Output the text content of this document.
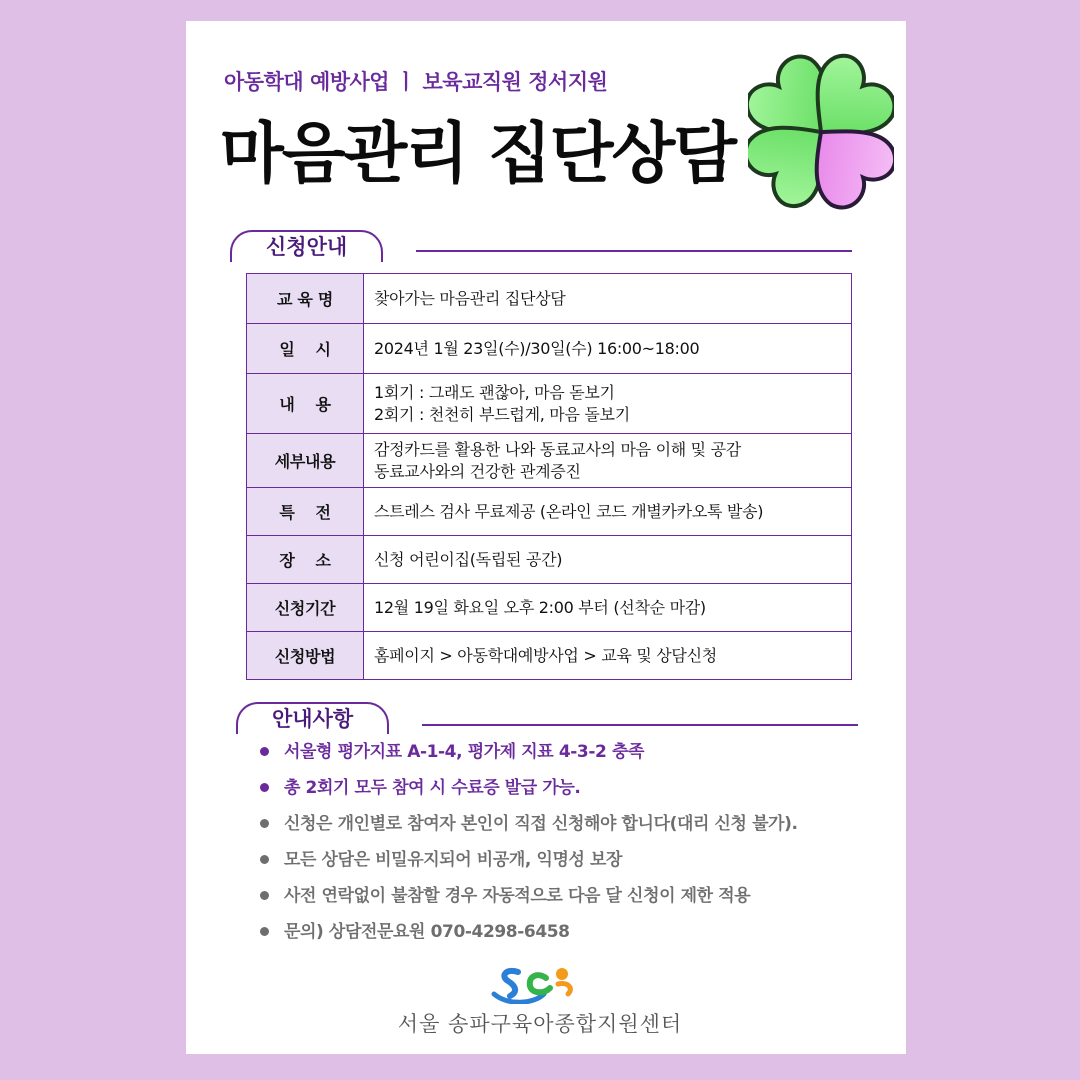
아동학대 예방사업 ㅣ 보육교직원 정서지원
마음관리 집단상담
신청안내
교 육 명	찾아가는 마음관리 집단상담

일　 시	2024년 1월 23일(수)/30일(수) 16:00~18:00

내　 용	1회기 : 그래도 괜찮아, 마음 돋보기
2회기 : 천천히 부드럽게, 마음 돌보기

세부내용	감정카드를 활용한 나와 동료교사의 마음 이해 및 공감
동료교사와의 건강한 관계증진

특　 전	스트레스 검사 무료제공 (온라인 코드 개별카카오톡 발송)

장　 소	신청 어린이집(독립된 공간)

신청기간	12월 19일 화요일 오후 2:00 부터 (선착순 마감)

신청방법	홈페이지 > 아동학대예방사업 > 교육 및 상담신청
안내사항
서울형 평가지표 A-1-4, 평가제 지표 4-3-2 충족
총 2회기 모두 참여 시 수료증 발급 가능.
신청은 개인별로 참여자 본인이 직접 신청해야 합니다(대리 신청 불가).
모든 상담은 비밀유지되어 비공개, 익명성 보장
사전 연락없이 불참할 경우 자동적으로 다음 달 신청이 제한 적용
문의) 상담전문요원 070-4298-6458
서울 송파구육아종합지원센터
